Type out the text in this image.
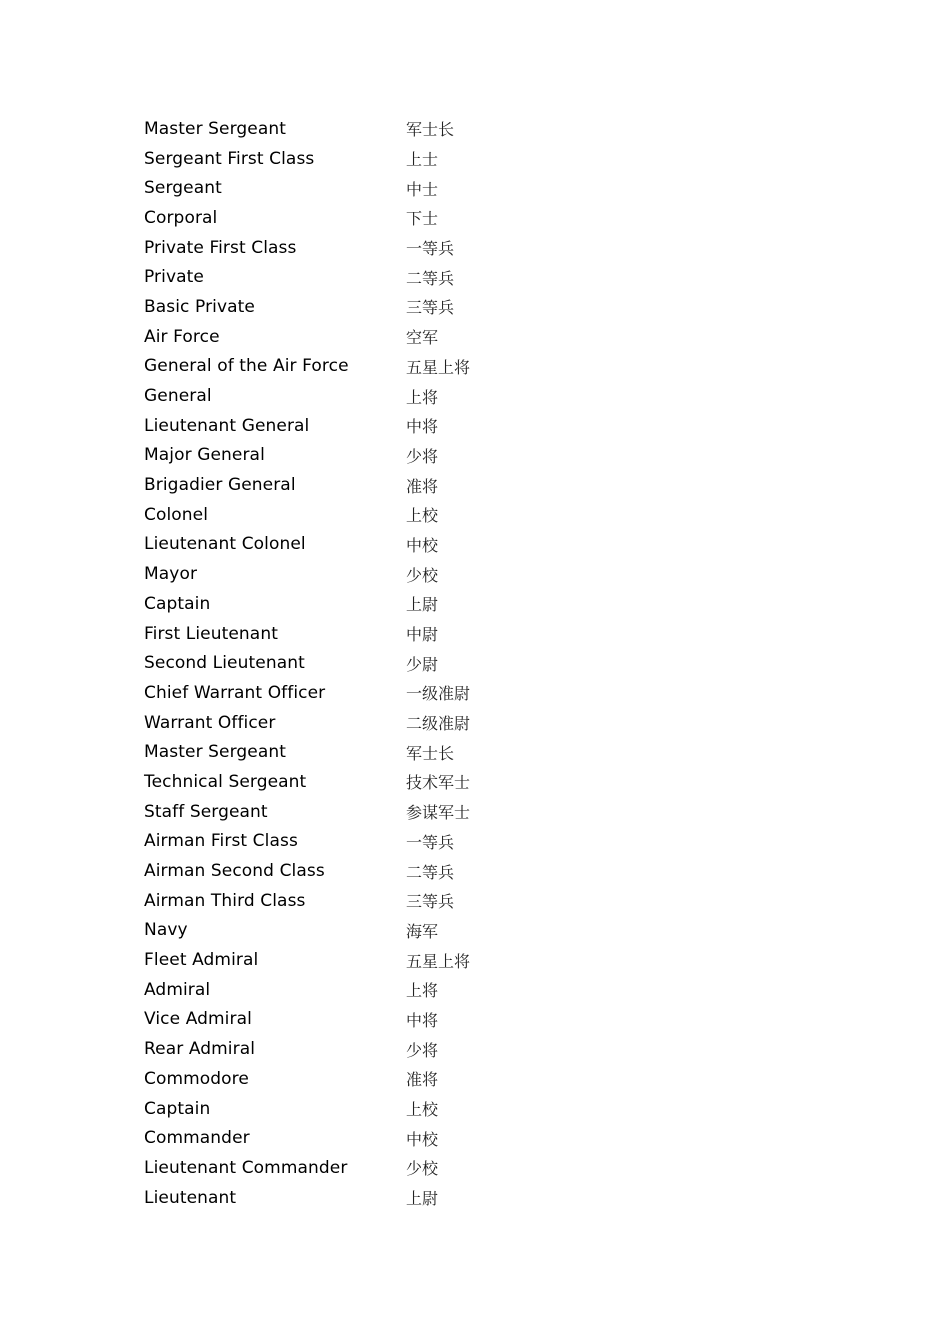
Master Sergeant	军士长
Sergeant First Class	上士
Sergeant	中士
Corporal	下士
Private First Class	一等兵
Private	二等兵
Basic Private	三等兵
Air Force	空军
General of the Air Force	五星上将
General	上将
Lieutenant General	中将
Major General	少将
Brigadier General	准将
Colonel	上校
Lieutenant Colonel	中校
Mayor	少校
Captain	上尉
First Lieutenant	中尉
Second Lieutenant	少尉
Chief Warrant Officer	一级准尉
Warrant Officer	二级准尉
Master Sergeant	军士长
Technical Sergeant	技术军士
Staff Sergeant	参谋军士
Airman First Class	一等兵
Airman Second Class	二等兵
Airman Third Class	三等兵
Navy	海军
Fleet Admiral	五星上将
Admiral	上将
Vice Admiral	中将
Rear Admiral	少将
Commodore	准将
Captain	上校
Commander	中校
Lieutenant Commander	少校
Lieutenant	上尉
